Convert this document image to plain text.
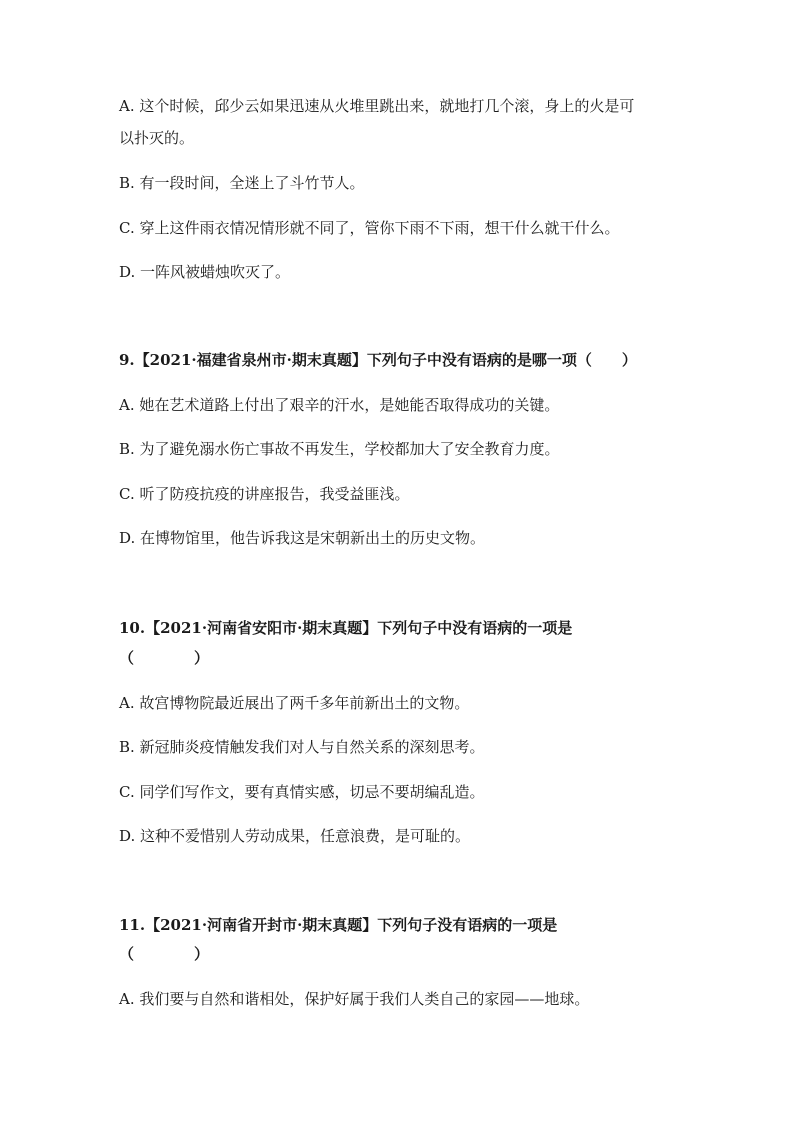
A. 这个时候，邱少云如果迅速从火堆里跳出来，就地打几个滚，身上的火是可
以扑灭的。
B. 有一段时间，全迷上了斗竹节人。
C. 穿上这件雨衣情况情形就不同了，管你下雨不下雨，想干什么就干什么。
D. 一阵风被蜡烛吹灭了。
9.【2021·福建省泉州市·期末真题】下列句子中没有语病的是哪一项（　　）
A. 她在艺术道路上付出了艰辛的汗水，是她能否取得成功的关键。
B. 为了避免溺水伤亡事故不再发生，学校都加大了安全教育力度。
C. 听了防疫抗疫的讲座报告，我受益匪浅。
D. 在博物馆里，他告诉我这是宋朝新出土的历史文物。
10.【2021·河南省安阳市·期末真题】下列句子中没有语病的一项是
（　　　　）
A. 故宫博物院最近展出了两千多年前新出土的文物。
B. 新冠肺炎疫情触发我们对人与自然关系的深刻思考。
C. 同学们写作文，要有真情实感，切忌不要胡编乱造。
D. 这种不爱惜别人劳动成果，任意浪费，是可耻的。
11.【2021·河南省开封市·期末真题】下列句子没有语病的一项是
（　　　　）
A. 我们要与自然和谐相处，保护好属于我们人类自己的家园——地球。
